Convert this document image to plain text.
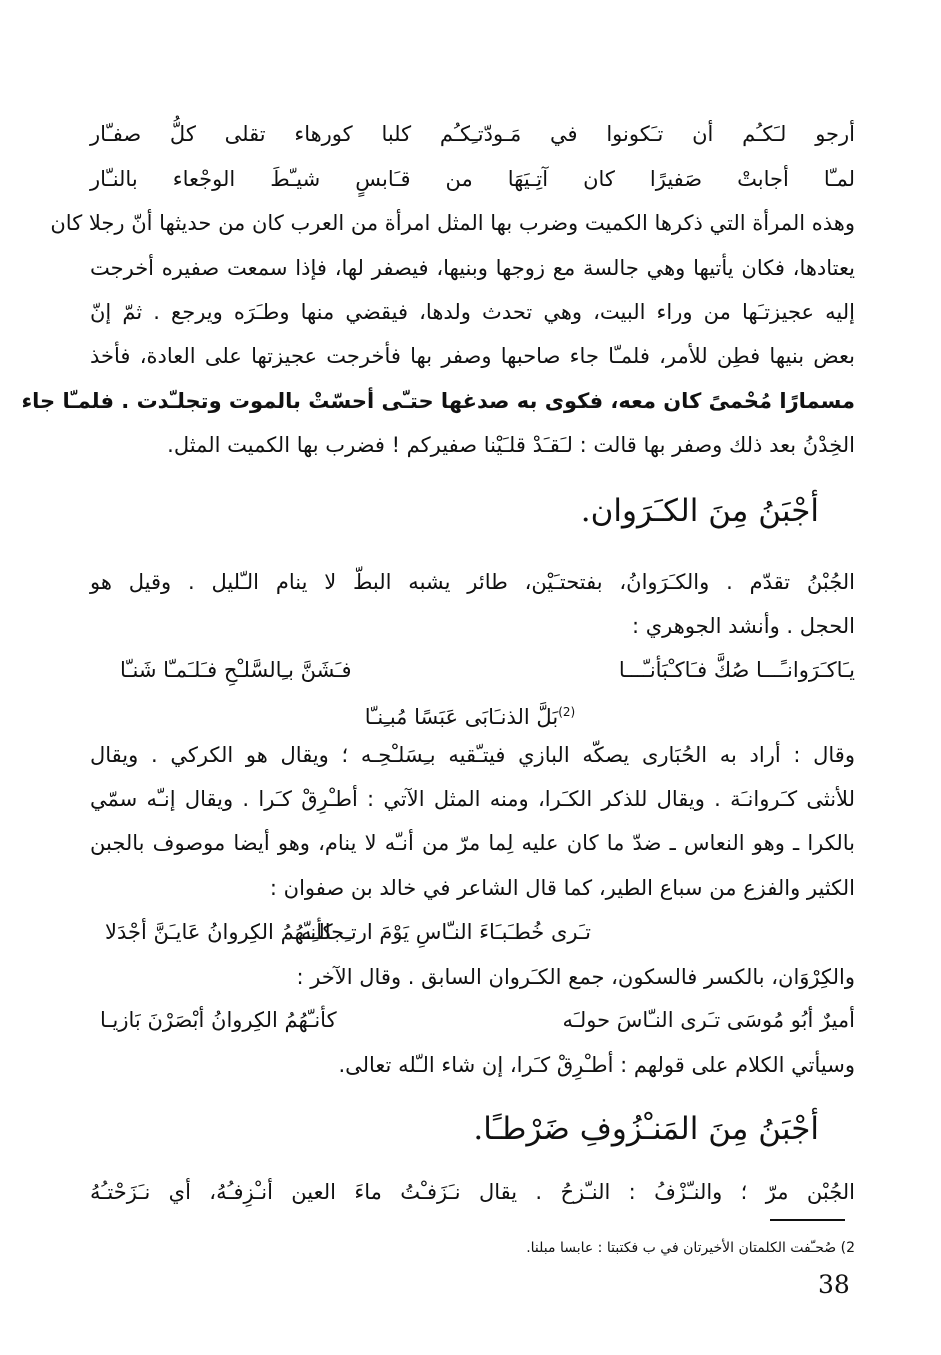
أرجو لـَكـُم أن تـَكونوا في مَـودّتـِكـُم كلبا كورهاء تقلى كلُّ صفـّار
لمـّا أجابتْ صَفيرًا كان آتِـيَهَا من قـَابسٍ شيـّطَ الوجْعاء بالنـّار
وهذه المرأة التي ذكرها الكميت وضرب بها المثل امرأة من العرب كان من حديثها أنّ رجلا كان
يعتادها، فكان يأتيها وهي جالسة مع زوجها وبنيها، فيصفر لها، فإذا سمعت صفيره أخرجت
إليه عجيزتـَها من وراء البيت، وهي تحدث ولدها، فيقضي منها وطـَرَه ويرجع . ثمّ إنّ
بعض بنيها فطِن للأمر، فلمـّا جاء صاحبها وصفر بها فأخرجت عجيزتها على العادة، فأخذ
مسمارًا مُحْمىً كان معه، فكوى به صدغها حتـّى أحسّتْ بالموت وتجلـّدت . فلمـّا جاء
الخِدْنُ بعد ذلك وصفر بها قالت : لـَقـَدْ قلـَيْنا صفيركم ! فضرب بها الكميت المثل.
أجْبَنُ مِنَ الكـَرَوان.
الجُبْنُ تقدّم . والكـَرَوانُ، بفتحتـَيْن، طائر يشبه البطّ لا ينام الـّليل . وقيل هو
الحجل . وأنشد الجوهري :
يـَاكـَرَوانـًـــا صُكَّ فـَاكـْبَأنـّـــا
فـَشَنَّ بـِالسَّلـْحِ فـَلـَمـّا شَنـّا
$^{(2)}$بَلَّ الذنـَابَى عَبَسًا مُبـِنـّا
وقال : أراد به الحُبَارى يصكّه البازي فيتـّقيه بـِسَلـْحِـه ؛ ويقال هو الكركي . ويقال
للأنثى كـَروانـَة . ويقال للذكر الكـَرا، ومنه المثل الآتي : أطـْرِقْ كـَرا . ويقال إنـّه سمّي
بالكرا ـ وهو النعاس ـ ضدّ ما كان عليه لِما مرّ من أنـّه لا ينام، وهو أيضا موصوف بالجبن
الكثير والفزع من سباع الطير، كما قال الشاعر في خالد بن صفوان :
تـَرى خُطـَبـَاءَ النـّاسِ يَوْمَ ارتـِجالـِه
كأنـّهُمُ الكِروانُ عَايـَنَّ أجْدَلا
والكِرْوَان، بالكسر فالسكون، جمع الكـَروان السابق . وقال الآخر :
أميرٌ أبُو مُوسَى تـَرى النـّاسَ حولـَه
كأنـّهُمُ الكِروانُ أبْصَرْنَ بَازيـا
وسيأتي الكلام على قولهم : أطـْرِقْ كـَرا، إن شاء الـّله تعالى.
أجْبَنُ مِنَ المَنـْزُوفِ ضَرْطـًا.
الجُبْن مرّ ؛ والنـّزْفُ : النـّزحُ . يقال نـَزَفـْتُ ماءَ العين أنـْزِفـُهُ، أي نـَزَحْتـُهُ
2) صُحـّفت الكلمتان الأخيرتان في ب فكتبتا : عابسا مبلنا.
38
